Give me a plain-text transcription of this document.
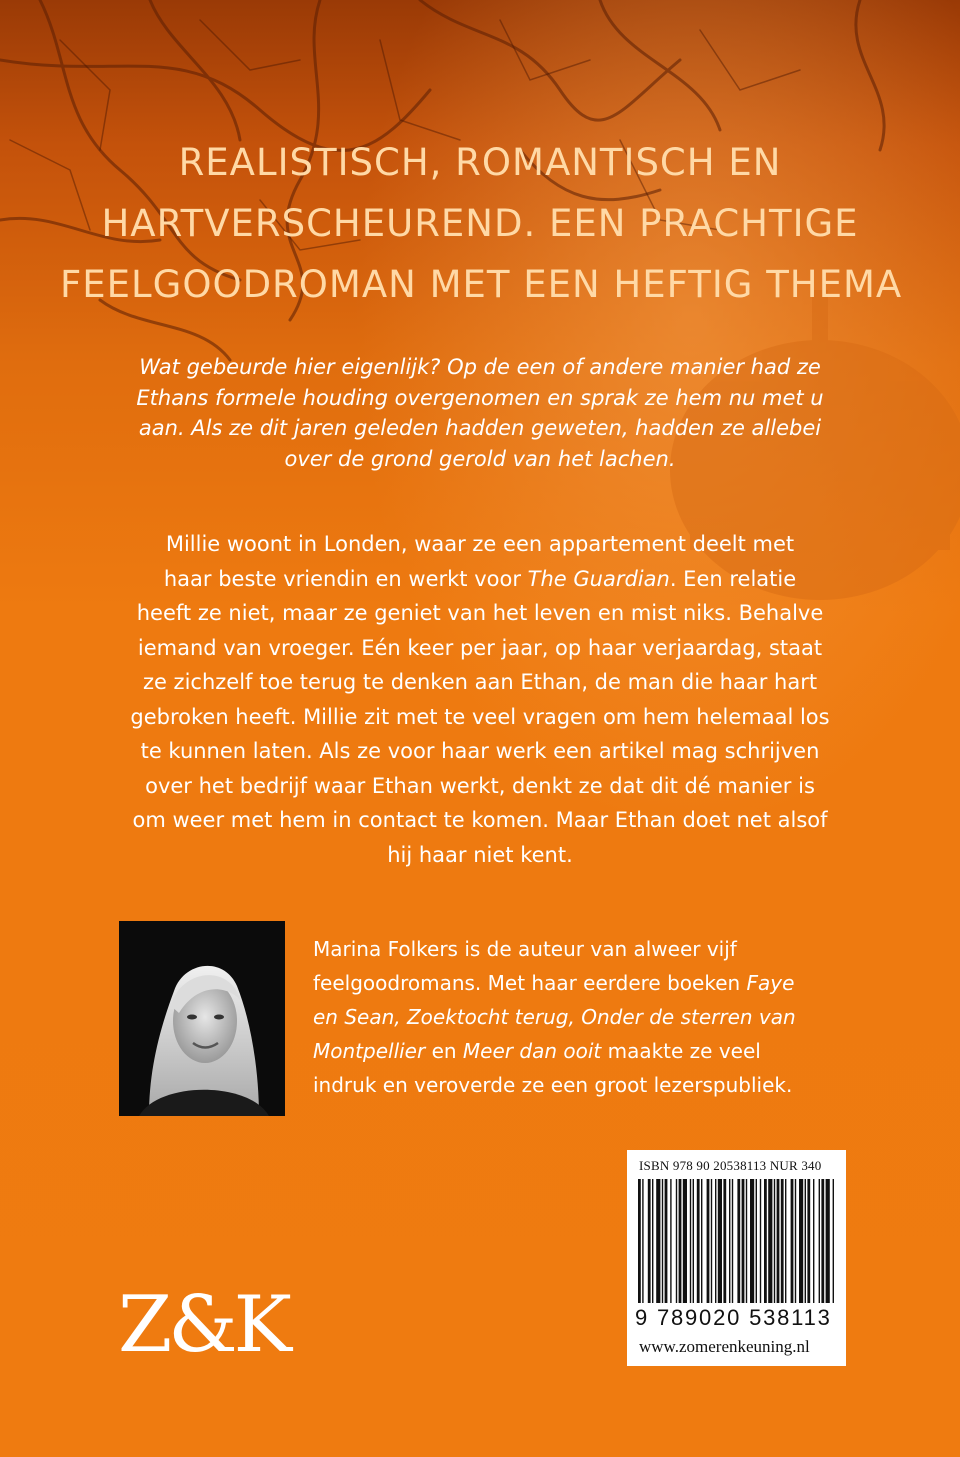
REALISTISCH, ROMANTISCH EN
HARTVERSCHEUREND. EEN PRACHTIGE
FEELGOODROMAN MET EEN HEFTIG THEMA
Wat gebeurde hier eigenlijk? Op de een of andere manier had ze
Ethans formele houding overgenomen en sprak ze hem nu met u
aan. Als ze dit jaren geleden hadden geweten, hadden ze allebei
over de grond gerold van het lachen.
Millie woont in Londen, waar ze een appartement deelt met
haar beste vriendin en werkt voor The Guardian. Een relatie
heeft ze niet, maar ze geniet van het leven en mist niks. Behalve
iemand van vroeger. Eén keer per jaar, op haar verjaardag, staat
ze zichzelf toe terug te denken aan Ethan, de man die haar hart
gebroken heeft. Millie zit met te veel vragen om hem helemaal los
te kunnen laten. Als ze voor haar werk een artikel mag schrijven
over het bedrijf waar Ethan werkt, denkt ze dat dit dé manier is
om weer met hem in contact te komen. Maar Ethan doet net alsof
hij haar niet kent.
Marina Folkers is de auteur van alweer vijf
feelgoodromans. Met haar eerdere boeken Faye
en Sean, Zoektocht terug, Onder de sterren van
Montpellier en Meer dan ooit maakte ze veel
indruk en veroverde ze een groot lezerspubliek.
Z&K
ISBN 978 90 20538113 NUR 340
9 789020 538113
www.zomerenkeuning.nl
